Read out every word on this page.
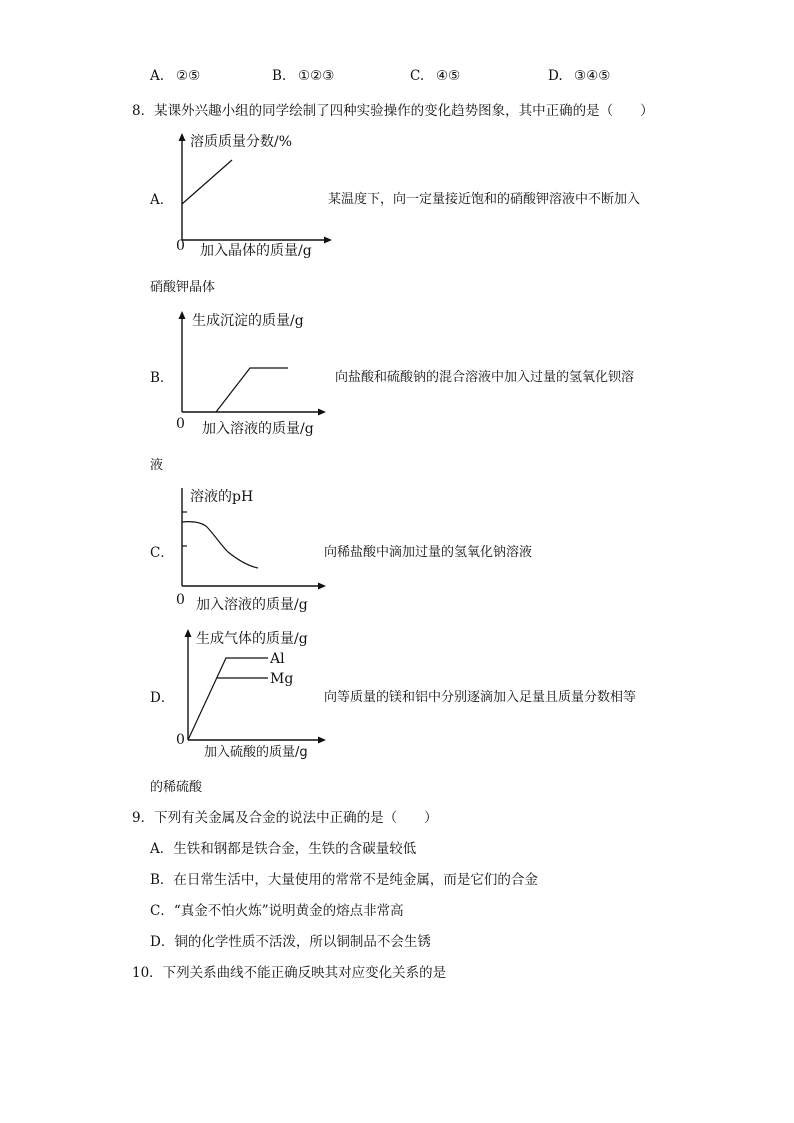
A. ②⑤	B. ①②③	C. ④⑤	D. ③④⑤
8．某课外兴趣小组的同学绘制了四种实验操作的变化趋势图象，其中正确的是（　　）
A．
溶质质量分数/%
0 加入晶体的质量/g
某温度下，向一定量接近饱和的硝酸钾溶液中不断加入
硝酸钾晶体
B．
生成沉淀的质量/g
0 加入溶液的质量/g
向盐酸和硫酸钠的混合溶液中加入过量的氢氧化钡溶
液
C．
溶液的pH
0 加入溶液的质量/g
向稀盐酸中滴加过量的氢氧化钠溶液
D．
生成气体的质量/g
Al
Mg
0
加入硫酸的质量/g
向等质量的镁和铝中分别逐滴加入足量且质量分数相等
的稀硫酸
9．下列有关金属及合金的说法中正确的是（　　）
A．生铁和钢都是铁合金，生铁的含碳量较低
B．在日常生活中，大量使用的常常不是纯金属，而是它们的合金
C．“真金不怕火炼”说明黄金的熔点非常高
D．铜的化学性质不活泼，所以铜制品不会生锈
10．下列关系曲线不能正确反映其对应变化关系的是
